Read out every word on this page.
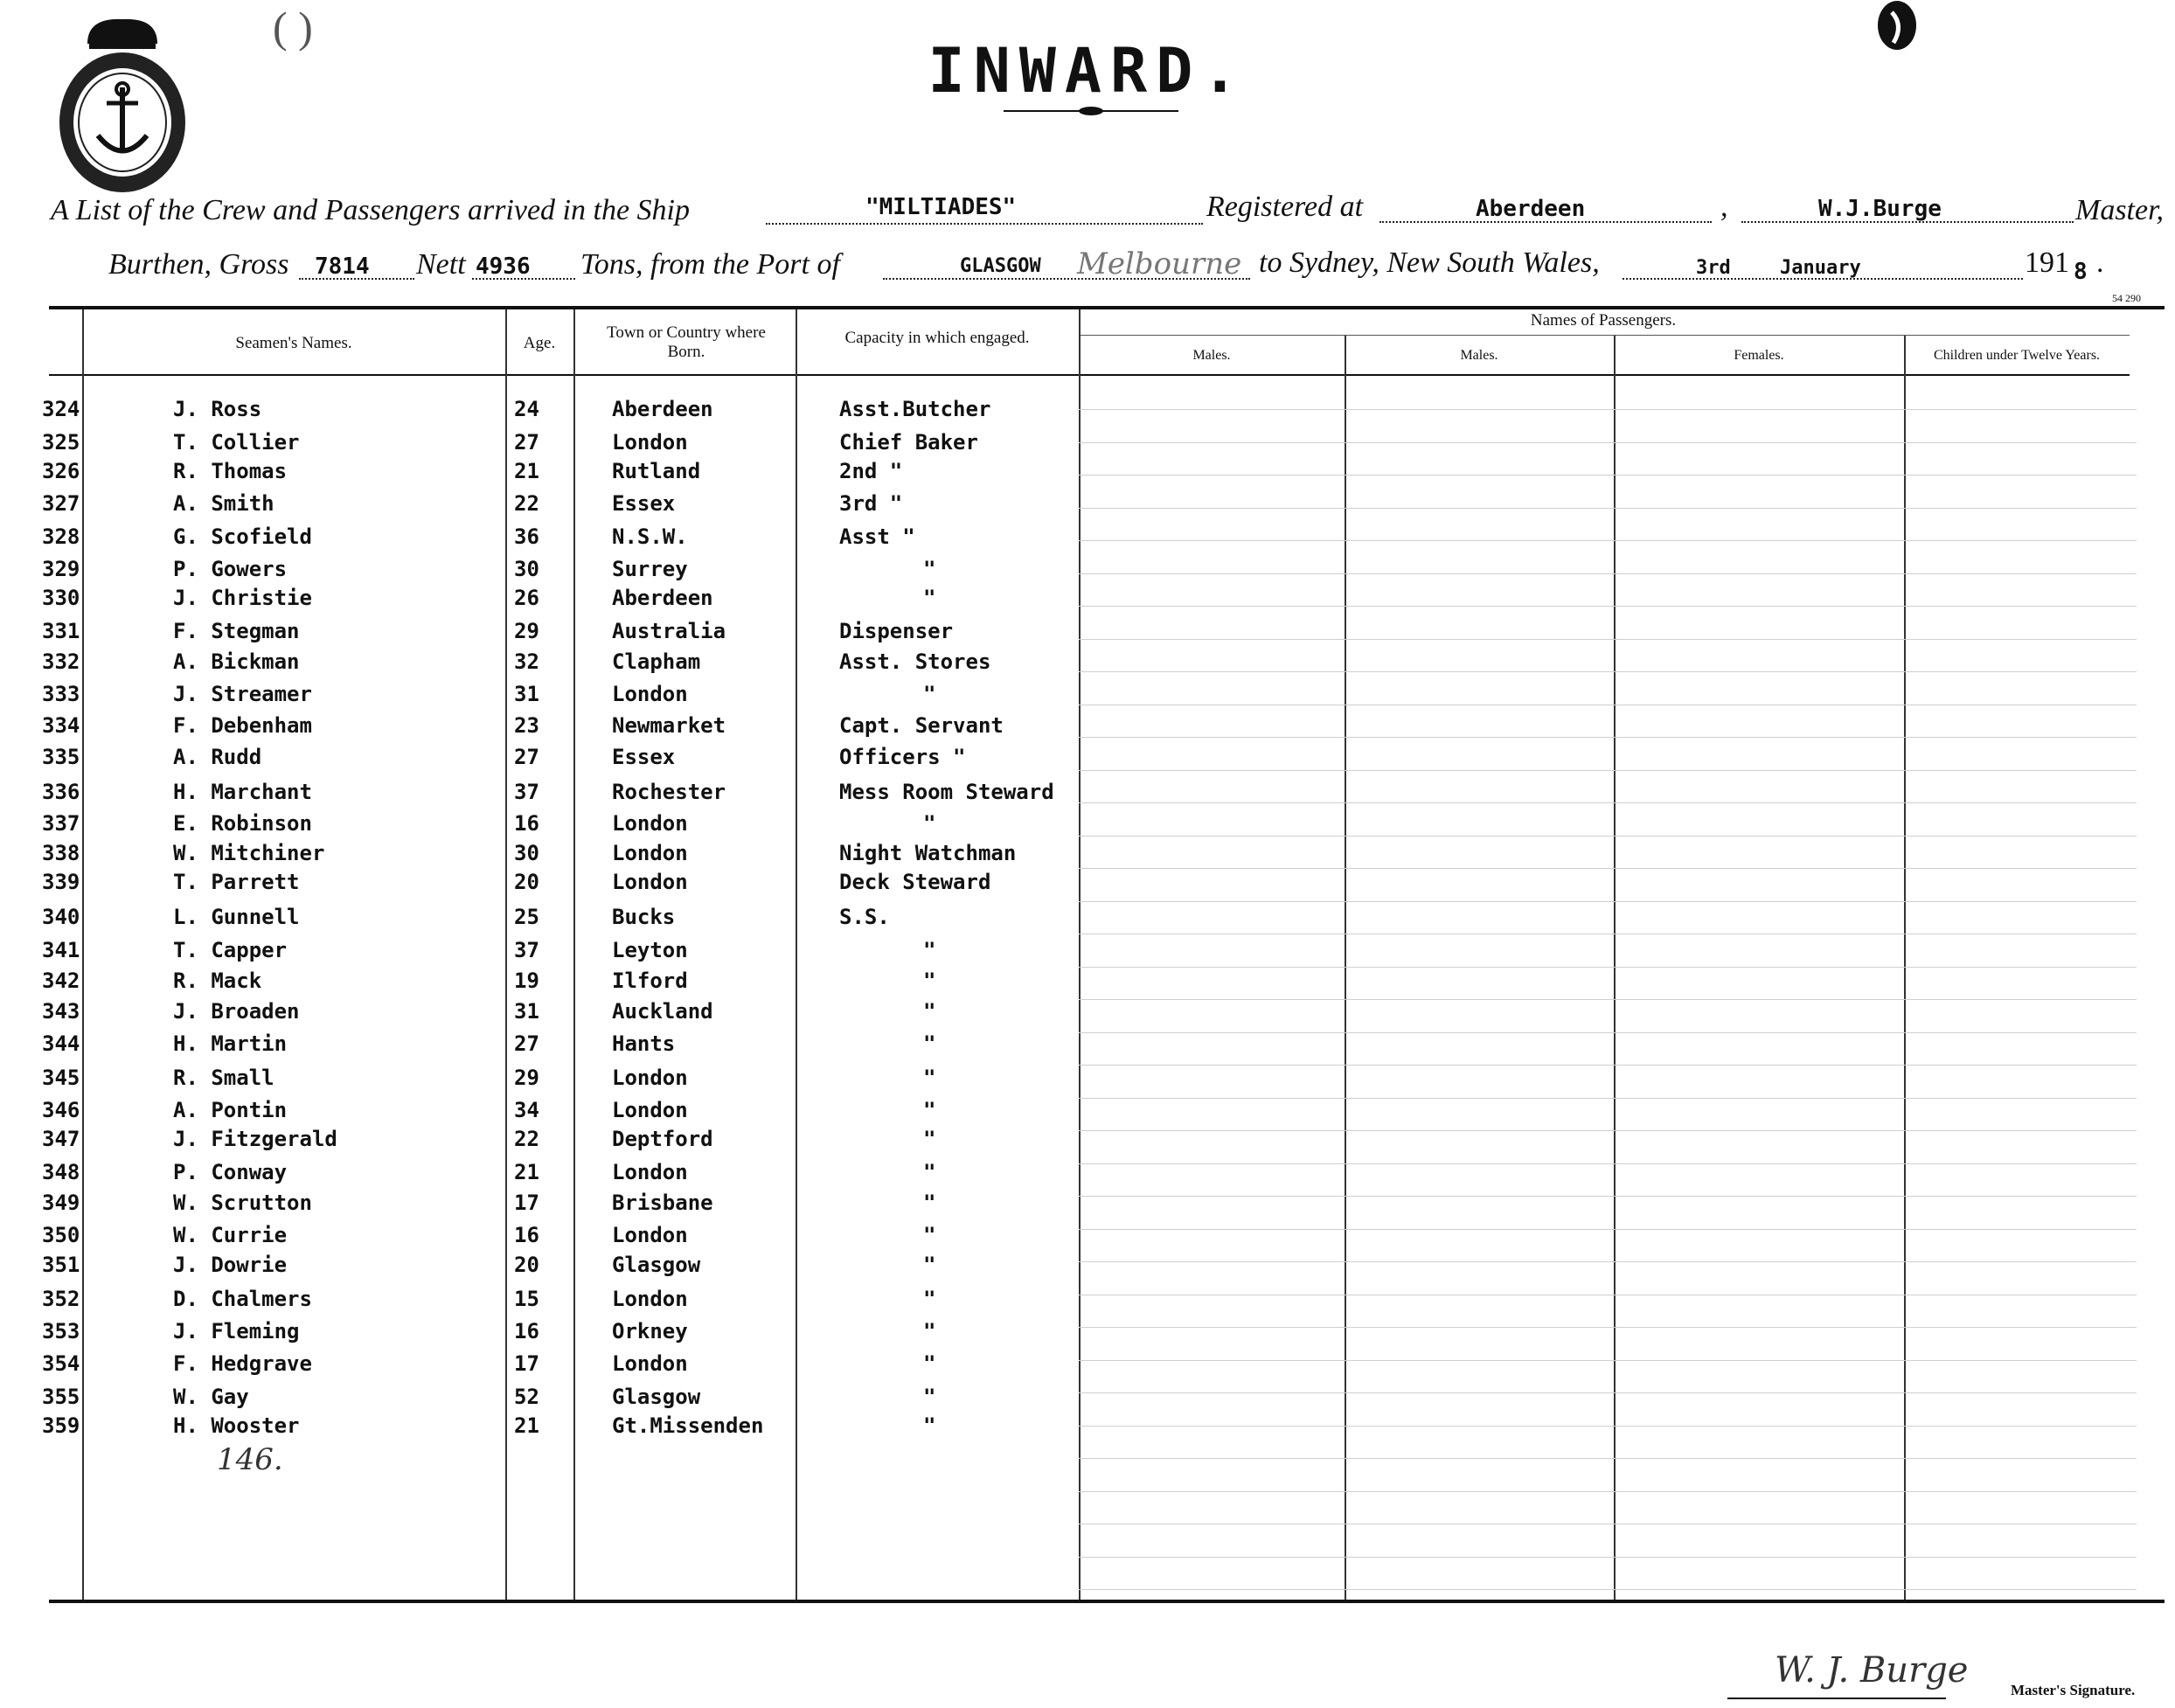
( )
INWARD.
A List of the Crew and Passengers arrived in the Ship	"MILTIADES"	Registered at	Aberdeen	,	W.J.Burge	Master,
Burthen, Gross 7814 Nett 4936 Tons, from the Port of	GLASGOW Melbourne to Sydney, New South Wales,	3rd	January	191 8 .
54 290
Seamen's Names.	Age.
Town or Country where Born.
Capacity in which engaged.
Names of Passengers.
Males.	Males.	Females.	Children under Twelve Years.
324	J. Ross	24	Aberdeen	Asst.Butcher
325	T. Collier	27	London	Chief Baker
326	R. Thomas	21	Rutland	2nd "
327	A. Smith	22	Essex	3rd "
328	G. Scofield	36	N.S.W.	Asst "
329	P. Gowers	30	Surrey	"
330	J. Christie	26	Aberdeen	"
331	F. Stegman	29	Australia	Dispenser
332	A. Bickman	32	Clapham	Asst. Stores
333	J. Streamer	31	London	"
334	F. Debenham	23	Newmarket	Capt. Servant
335	A. Rudd	27	Essex	Officers "
336	H. Marchant	37	Rochester	Mess Room Steward
337	E. Robinson	16	London	"
338	W. Mitchiner	30	London	Night Watchman
339	T. Parrett	20	London	Deck Steward
340	L. Gunnell	25	Bucks	S.S.
341	T. Capper	37	Leyton	"
342	R. Mack	19	Ilford	"
343	J. Broaden	31	Auckland	"
344	H. Martin	27	Hants	"
345	R. Small	29	London	"
346	A. Pontin	34	London	"
347	J. Fitzgerald	22	Deptford	"
348	P. Conway	21	London	"
349	W. Scrutton	17	Brisbane	"
350	W. Currie	16	London	"
351	J. Dowrie	20	Glasgow	"
352	D. Chalmers	15	London	"
353	J. Fleming	16	Orkney	"
354	F. Hedgrave	17	London	"
355	W. Gay	52	Glasgow	"
359	H. Wooster	21	Gt.Missenden	"
146.
W. J. Burge	Master's Signature.
